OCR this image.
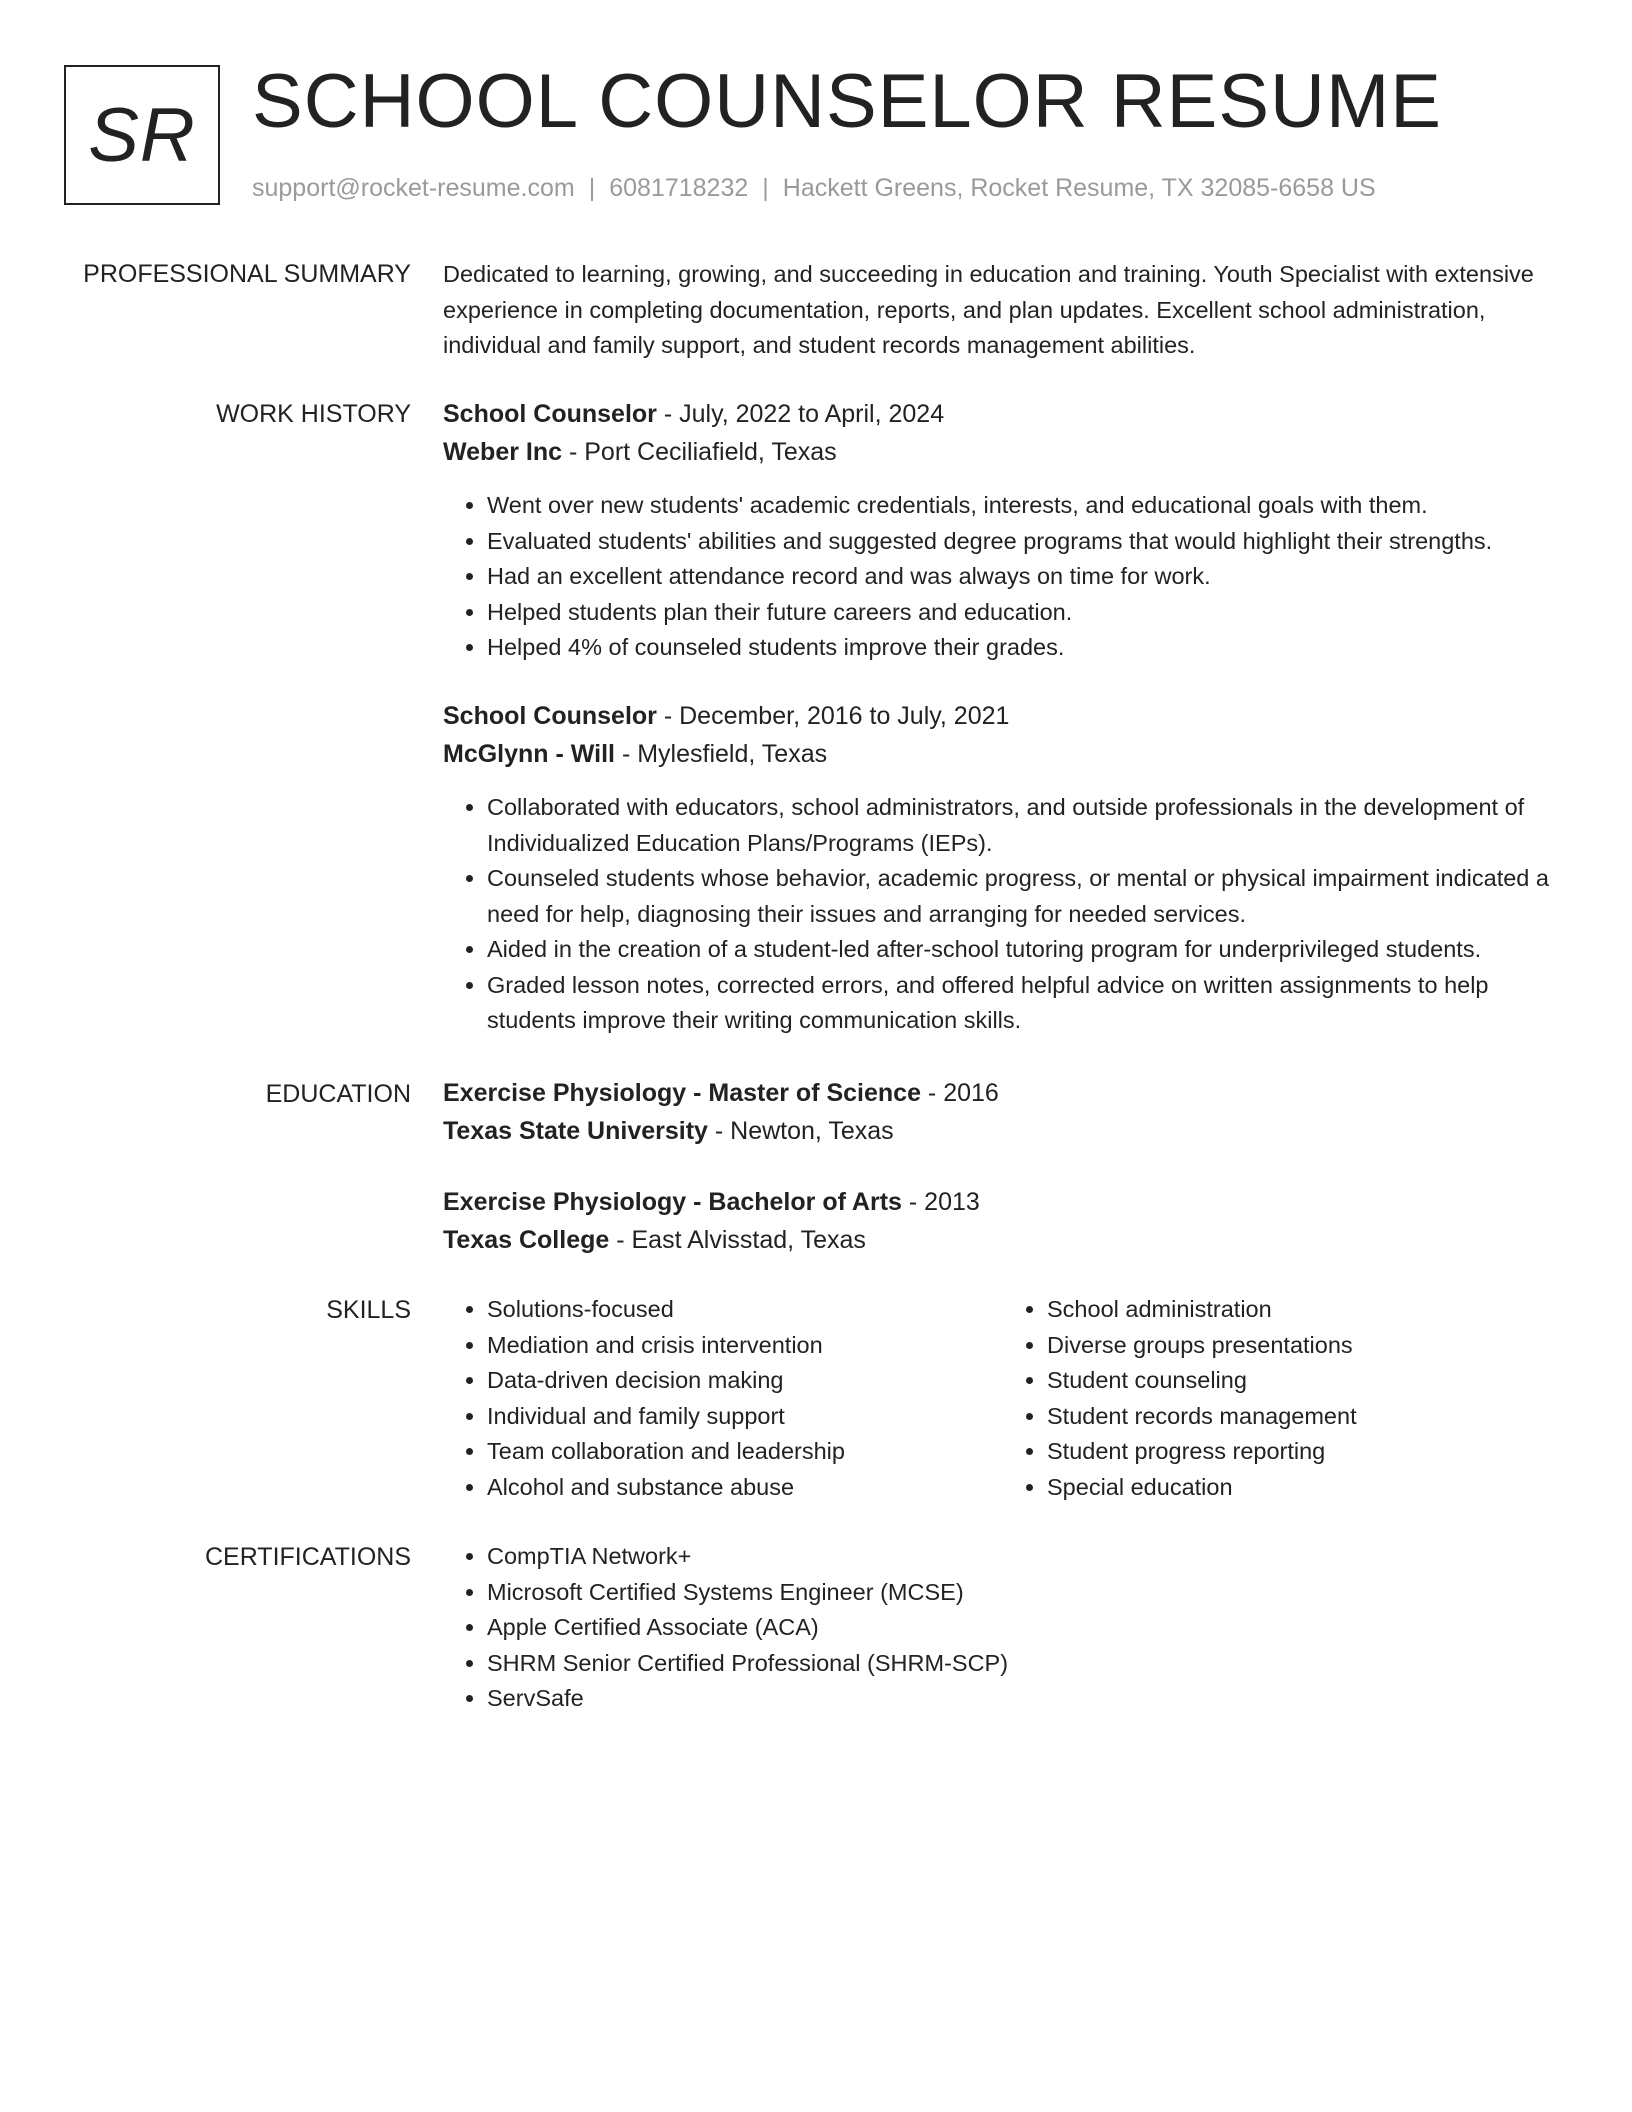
SR SCHOOL COUNSELOR RESUME
support@rocket-resume.com | 6081718232 | Hackett Greens, Rocket Resume, TX 32085-6658 US
PROFESSIONAL SUMMARY Dedicated to learning, growing, and succeeding in education and training. Youth Specialist with extensive experience in completing documentation, reports, and plan updates. Excellent school administration, individual and family support, and student records management abilities.

WORK HISTORY School Counselor - July, 2022 to April, 2024
Weber Inc - Port Ceciliafield, Texas
• Went over new students' academic credentials, interests, and educational goals with them.
• Evaluated students' abilities and suggested degree programs that would highlight their strengths.
• Had an excellent attendance record and was always on time for work.
• Helped students plan their future careers and education.
• Helped 4% of counseled students improve their grades.
School Counselor - December, 2016 to July, 2021
McGlynn - Will - Mylesfield, Texas
• Collaborated with educators, school administrators, and outside professionals in the development of Individualized Education Plans/Programs (IEPs).
• Counseled students whose behavior, academic progress, or mental or physical impairment indicated a need for help, diagnosing their issues and arranging for needed services.
• Aided in the creation of a student-led after-school tutoring program for underprivileged students.
• Graded lesson notes, corrected errors, and offered helpful advice on written assignments to help students improve their writing communication skills.
EDUCATION Exercise Physiology - Master of Science - 2016
Texas State University - Newton, Texas
Exercise Physiology - Bachelor of Arts - 2013
Texas College - East Alvisstad, Texas
SKILLS	• Solutions-focused
• Mediation and crisis intervention
• Data-driven decision making
• Individual and family support
• Team collaboration and leadership
• Alcohol and substance abuse
• School administration
• Diverse groups presentations
• Student counseling
• Student records management
• Student progress reporting
• Special education
CERTIFICATIONS	• CompTIA Network+
• Microsoft Certified Systems Engineer (MCSE)
• Apple Certified Associate (ACA)
• SHRM Senior Certified Professional (SHRM-SCP)
• ServSafe
